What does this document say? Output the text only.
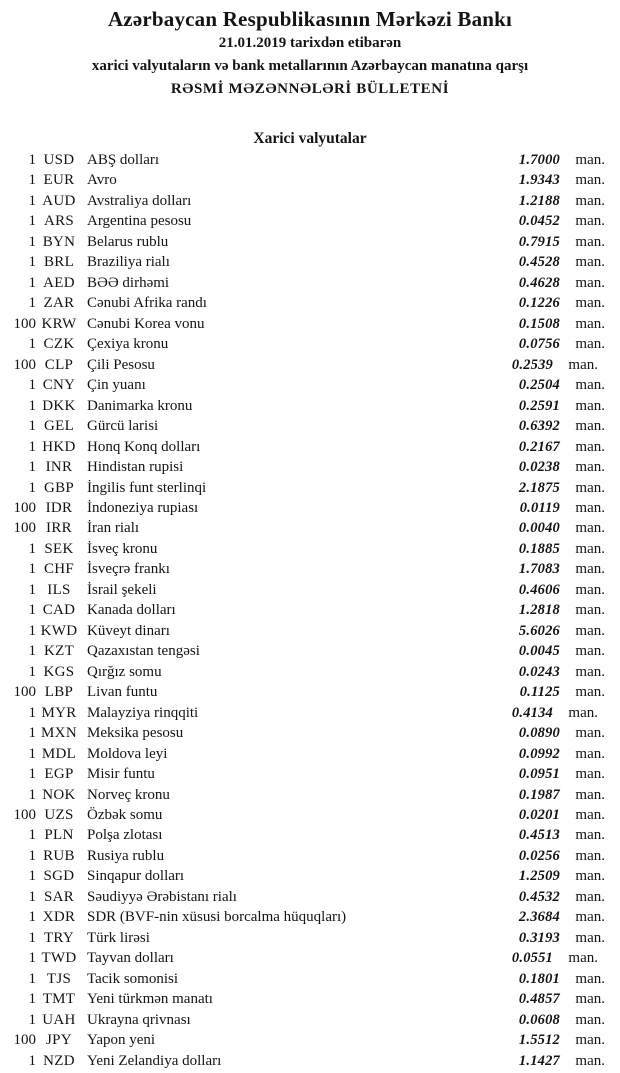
Azərbaycan Respublikasının Mərkəzi Bankı
21.01.2019 tarixdən etibarən
xarici valyutaların və bank metallarının Azərbaycan manatına qarşı
RƏSMİ MƏZƏNNƏLƏRİ BÜLLETENİ
Xarici valyutalar
1 USD ABŞ dolları	1.7000	man.
1 EUR Avro	1.9343	man.
1 AUD Avstraliya dolları	1.2188	man.
1 ARS Argentina pesosu	0.0452	man.
1 BYN Belarus rublu	0.7915	man.
1 BRL Braziliya rialı	0.4528	man.
1 AED BƏƏ dirhəmi	0.4628	man.
1 ZAR Cənubi Afrika randı	0.1226	man.
100 KRW Cənubi Korea vonu	0.1508	man.
1 CZK Çexiya kronu	0.0756	man.
100 CLP Çili Pesosu	0.2539	man.
1 CNY Çin yuanı	0.2504	man.
1 DKK Danimarka kronu	0.2591	man.
1 GEL Gürcü larisi	0.6392	man.
1 HKD Honq Konq dolları	0.2167	man.
1 INR Hindistan rupisi	0.0238	man.
1 GBP İngilis funt sterlinqi	2.1875	man.
100 IDR İndoneziya rupiası	0.0119	man.
100 IRR	İran rialı	0.0040	man.
1 SEK İsveç kronu	0.1885	man.
1 CHF İsveçrə frankı	1.7083	man.
1 ILS	İsrail şekeli	0.4606	man.
1 CAD Kanada dolları	1.2818	man.
1 KWD Küveyt dinarı	5.6026	man.
1 KZT Qazaxıstan tengəsi	0.0045	man.
1 KGS Qırğız somu	0.0243	man.
100 LBP Livan funtu	0.1125	man.
1 MYR Malayziya rinqqiti	0.4134	man.
1 MXN Meksika pesosu	0.0890	man.
1 MDL Moldova leyi	0.0992	man.
1 EGP Misir funtu	0.0951	man.
1 NOK Norveç kronu	0.1987	man.
100 UZS Özbək somu	0.0201	man.
1 PLN Polşa zlotası	0.4513	man.
1 RUB Rusiya rublu	0.0256	man.
1 SGD Sinqapur dolları	1.2509	man.
1 SAR Səudiyyə Ərəbistanı rialı	0.4532	man.
1 XDR SDR (BVF-nin xüsusi borcalma hüquqları)	2.3684	man.
1 TRY Türk lirəsi	0.3193	man.
1 TWD Tayvan dolları	0.0551	man.
1 TJS	Tacik somonisi	0.1801	man.
1 TMT Yeni türkmən manatı	0.4857	man.
1 UAH Ukrayna qrivnası	0.0608	man.
100 JPY	Yapon yeni	1.5512	man.
1 NZD Yeni Zelandiya dolları	1.1427	man.
